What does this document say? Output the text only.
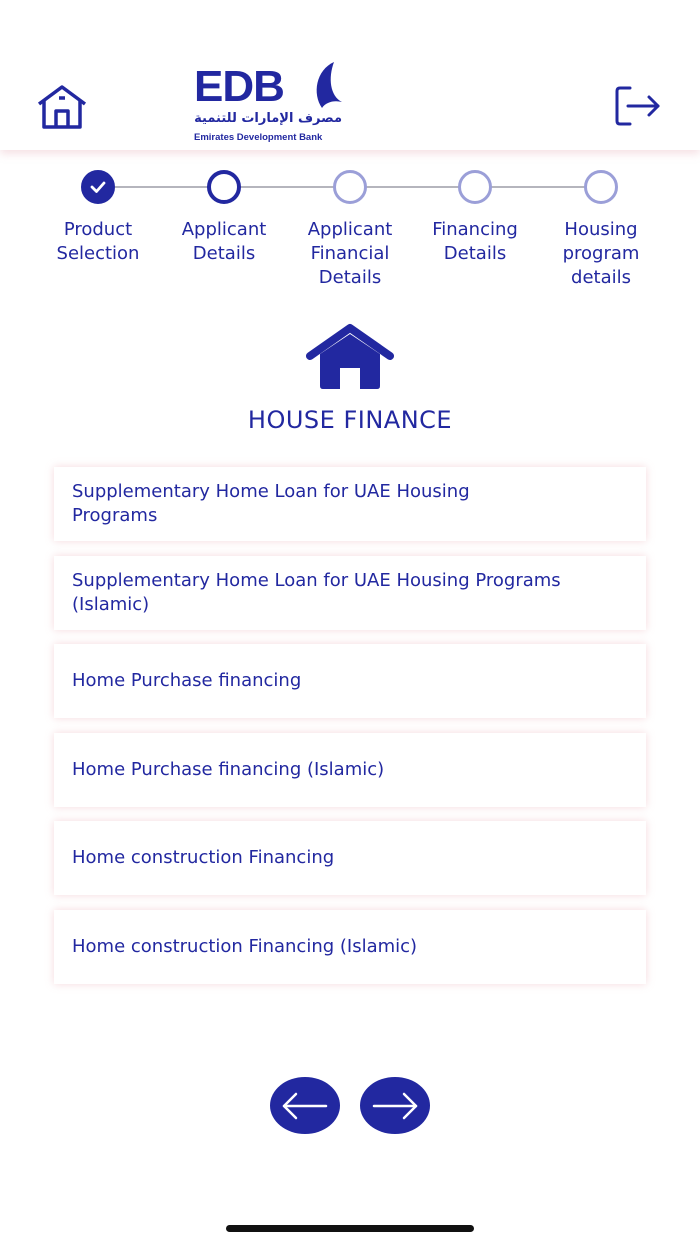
EDB
مصرف الإمارات للتنمية
Emirates Development Bank
Product Selection
Applicant Details
Applicant Financial Details
Financing Details
Housing program details
HOUSE FINANCE
Supplementary Home Loan for UAE Housing Programs
Supplementary Home Loan for UAE Housing Programs (Islamic)
Home Purchase financing
Home Purchase financing (Islamic)
Home construction Financing
Home construction Financing (Islamic)
